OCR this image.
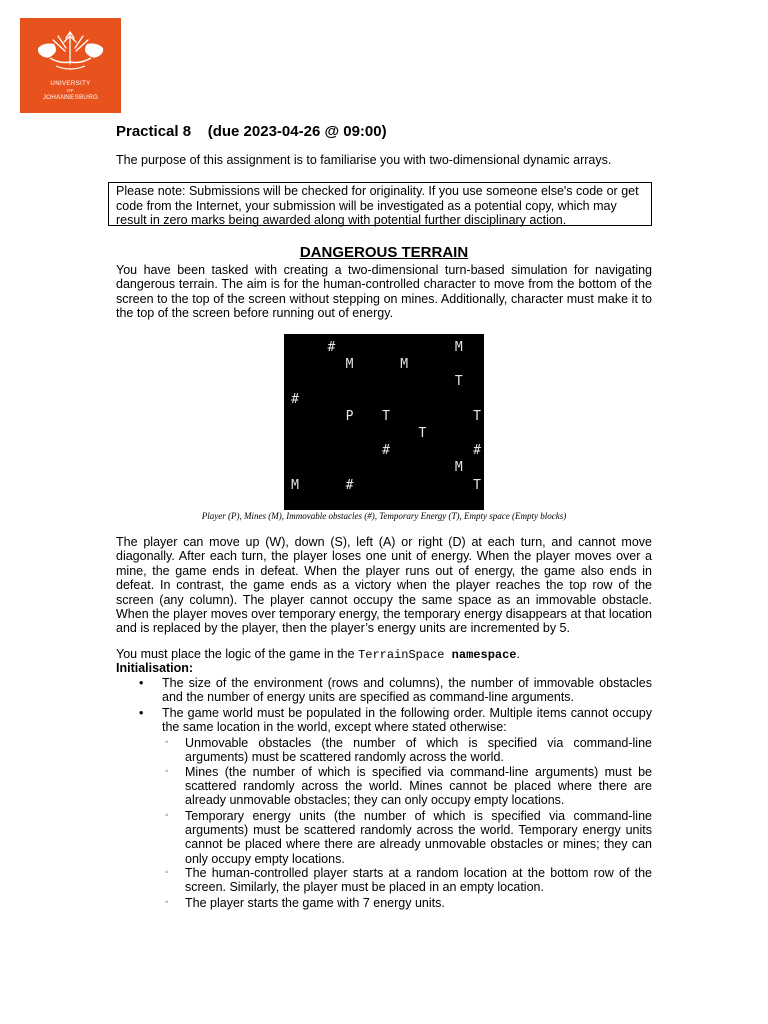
UNIVERSITY
OF
JOHANNESBURG
Practical 8    (due 2023-04-26 @ 09:00)
The purpose of this assignment is to familiarise you with two-dimensional dynamic arrays.
Please note: Submissions will be checked for originality. If you use someone else's code or get code from the Internet, your submission will be investigated as a potential copy, which may result in zero marks being awarded along with potential further disciplinary action.
DANGEROUS TERRAIN
You have been tasked with creating a two-dimensional turn-based simulation for navigating dangerous terrain. The aim is for the human-controlled character to move from the bottom of the screen to the top of the screen without stepping on mines. Additionally, character must make it to the top of the screen before running out of energy.
#	M
M	M
T
#
P	T	T
T
#	#
M
M	#	T
Player (P), Mines (M), Immovable obstacles (#), Temporary Energy (T), Empty space (Empty blocks)
The player can move up (W), down (S), left (A) or right (D) at each turn, and cannot move diagonally. After each turn, the player loses one unit of energy. When the player moves over a mine, the game ends in defeat. When the player runs out of energy, the game also ends in defeat. In contrast, the game ends as a victory when the player reaches the top row of the screen (any column). The player cannot occupy the same space as an immovable obstacle. When the player moves over temporary energy, the temporary energy disappears at that location and is replaced by the player, then the player’s energy units are incremented by 5.
You must place the logic of the game in the TerrainSpace namespace.
Initialisation:
• The size of the environment (rows and columns), the number of immovable obstacles and the number of energy units are specified as command-line arguments.
• The game world must be populated in the following order. Multiple items cannot occupy the same location in the world, except where stated otherwise:
◦ Unmovable obstacles (the number of which is specified via command-line arguments) must be scattered randomly across the world.
◦ Mines (the number of which is specified via command-line arguments) must be scattered randomly across the world. Mines cannot be placed where there are already unmovable obstacles; they can only occupy empty locations.
◦ Temporary energy units (the number of which is specified via command-line arguments) must be scattered randomly across the world. Temporary energy units cannot be placed where there are already unmovable obstacles or mines; they can only occupy empty locations.
◦ The human-controlled player starts at a random location at the bottom row of the screen. Similarly, the player must be placed in an empty location.
◦ The player starts the game with 7 energy units.
